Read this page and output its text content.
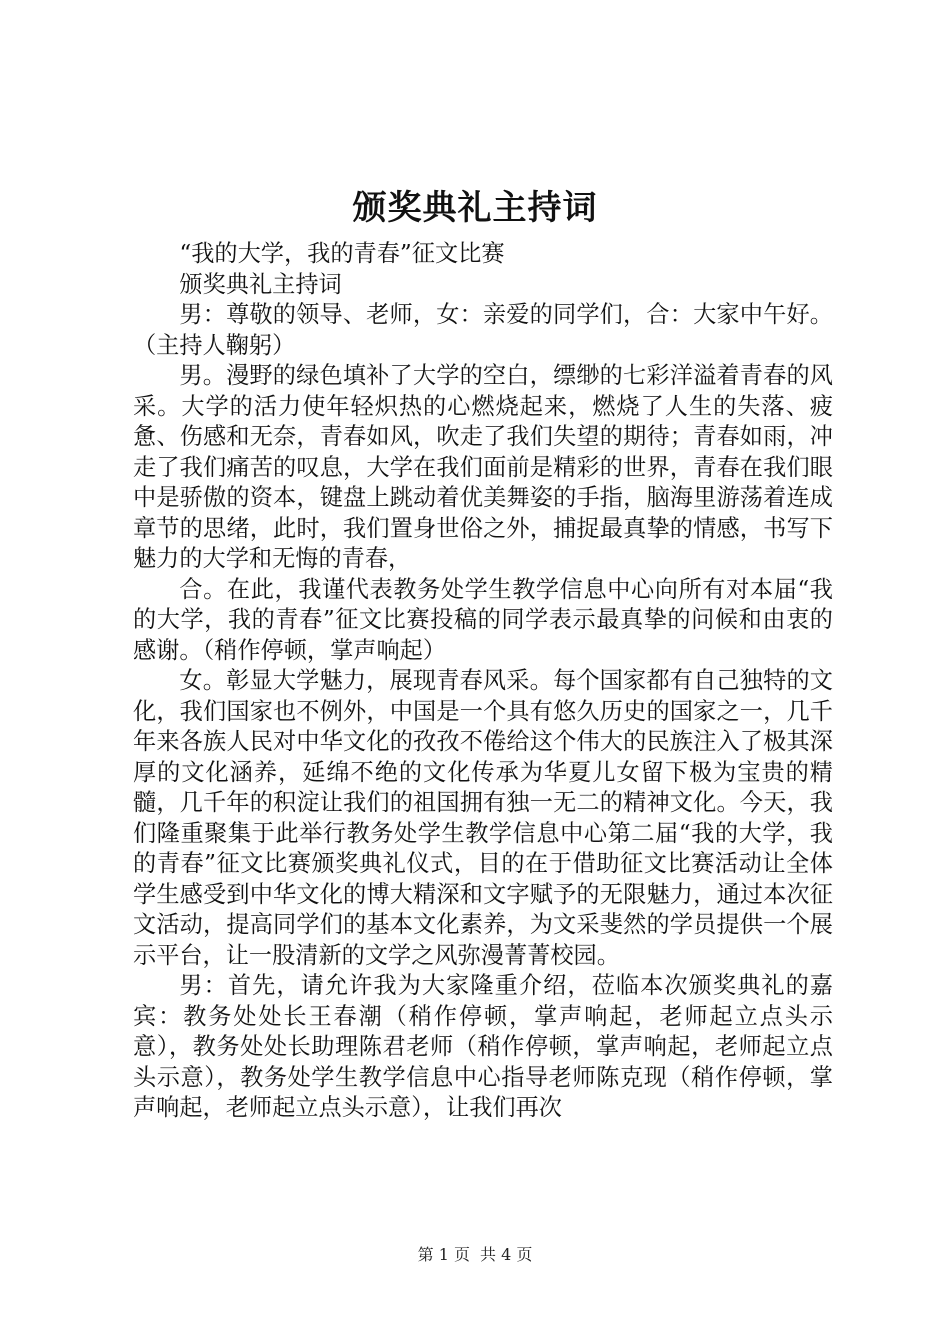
颁奖典礼主持词

“我的大学，我的青春”征文比赛

颁奖典礼主持词

男：尊敬的领导、老师，女：亲爱的同学们，合：大家中午好。（主持人鞠躬）

男。漫野的绿色填补了大学的空白，缥缈的七彩洋溢着青春的风采。大学的活力使年轻炽热的心燃烧起来，燃烧了人生的失落、疲惫、伤感和无奈，青春如风，吹走了我们失望的期待；青春如雨，冲走了我们痛苦的叹息，大学在我们面前是精彩的世界，青春在我们眼中是骄傲的资本，键盘上跳动着优美舞姿的手指，脑海里游荡着连成章节的思绪，此时，我们置身世俗之外，捕捉最真挚的情感，书写下魅力的大学和无悔的青春，

合。在此，我谨代表教务处学生教学信息中心向所有对本届“我的大学，我的青春”征文比赛投稿的同学表示最真挚的问候和由衷的感谢。（稍作停顿，掌声响起）

女。彰显大学魅力，展现青春风采。每个国家都有自己独特的文化，我们国家也不例外，中国是一个具有悠久历史的国家之一，几千年来各族人民对中华文化的孜孜不倦给这个伟大的民族注入了极其深厚的文化涵养，延绵不绝的文化传承为华夏儿女留下极为宝贵的精髓，几千年的积淀让我们的祖国拥有独一无二的精神文化。今天，我们隆重聚集于此举行教务处学生教学信息中心第二届“我的大学，我的青春”征文比赛颁奖典礼仪式，目的在于借助征文比赛活动让全体学生感受到中华文化的博大精深和文字赋予的无限魅力，通过本次征文活动，提高同学们的基本文化素养，为文采斐然的学员提供一个展示平台，让一股清新的文学之风弥漫菁菁校园。

男：首先，请允许我为大家隆重介绍，莅临本次颁奖典礼的嘉宾：教务处处长王春潮（稍作停顿，掌声响起，老师起立点头示意），教务处处长助理陈君老师（稍作停顿，掌声响起，老师起立点头示意），教务处学生教学信息中心指导老师陈克现（稍作停顿，掌声响起，老师起立点头示意），让我们再次

第 1 页 共 4 页
